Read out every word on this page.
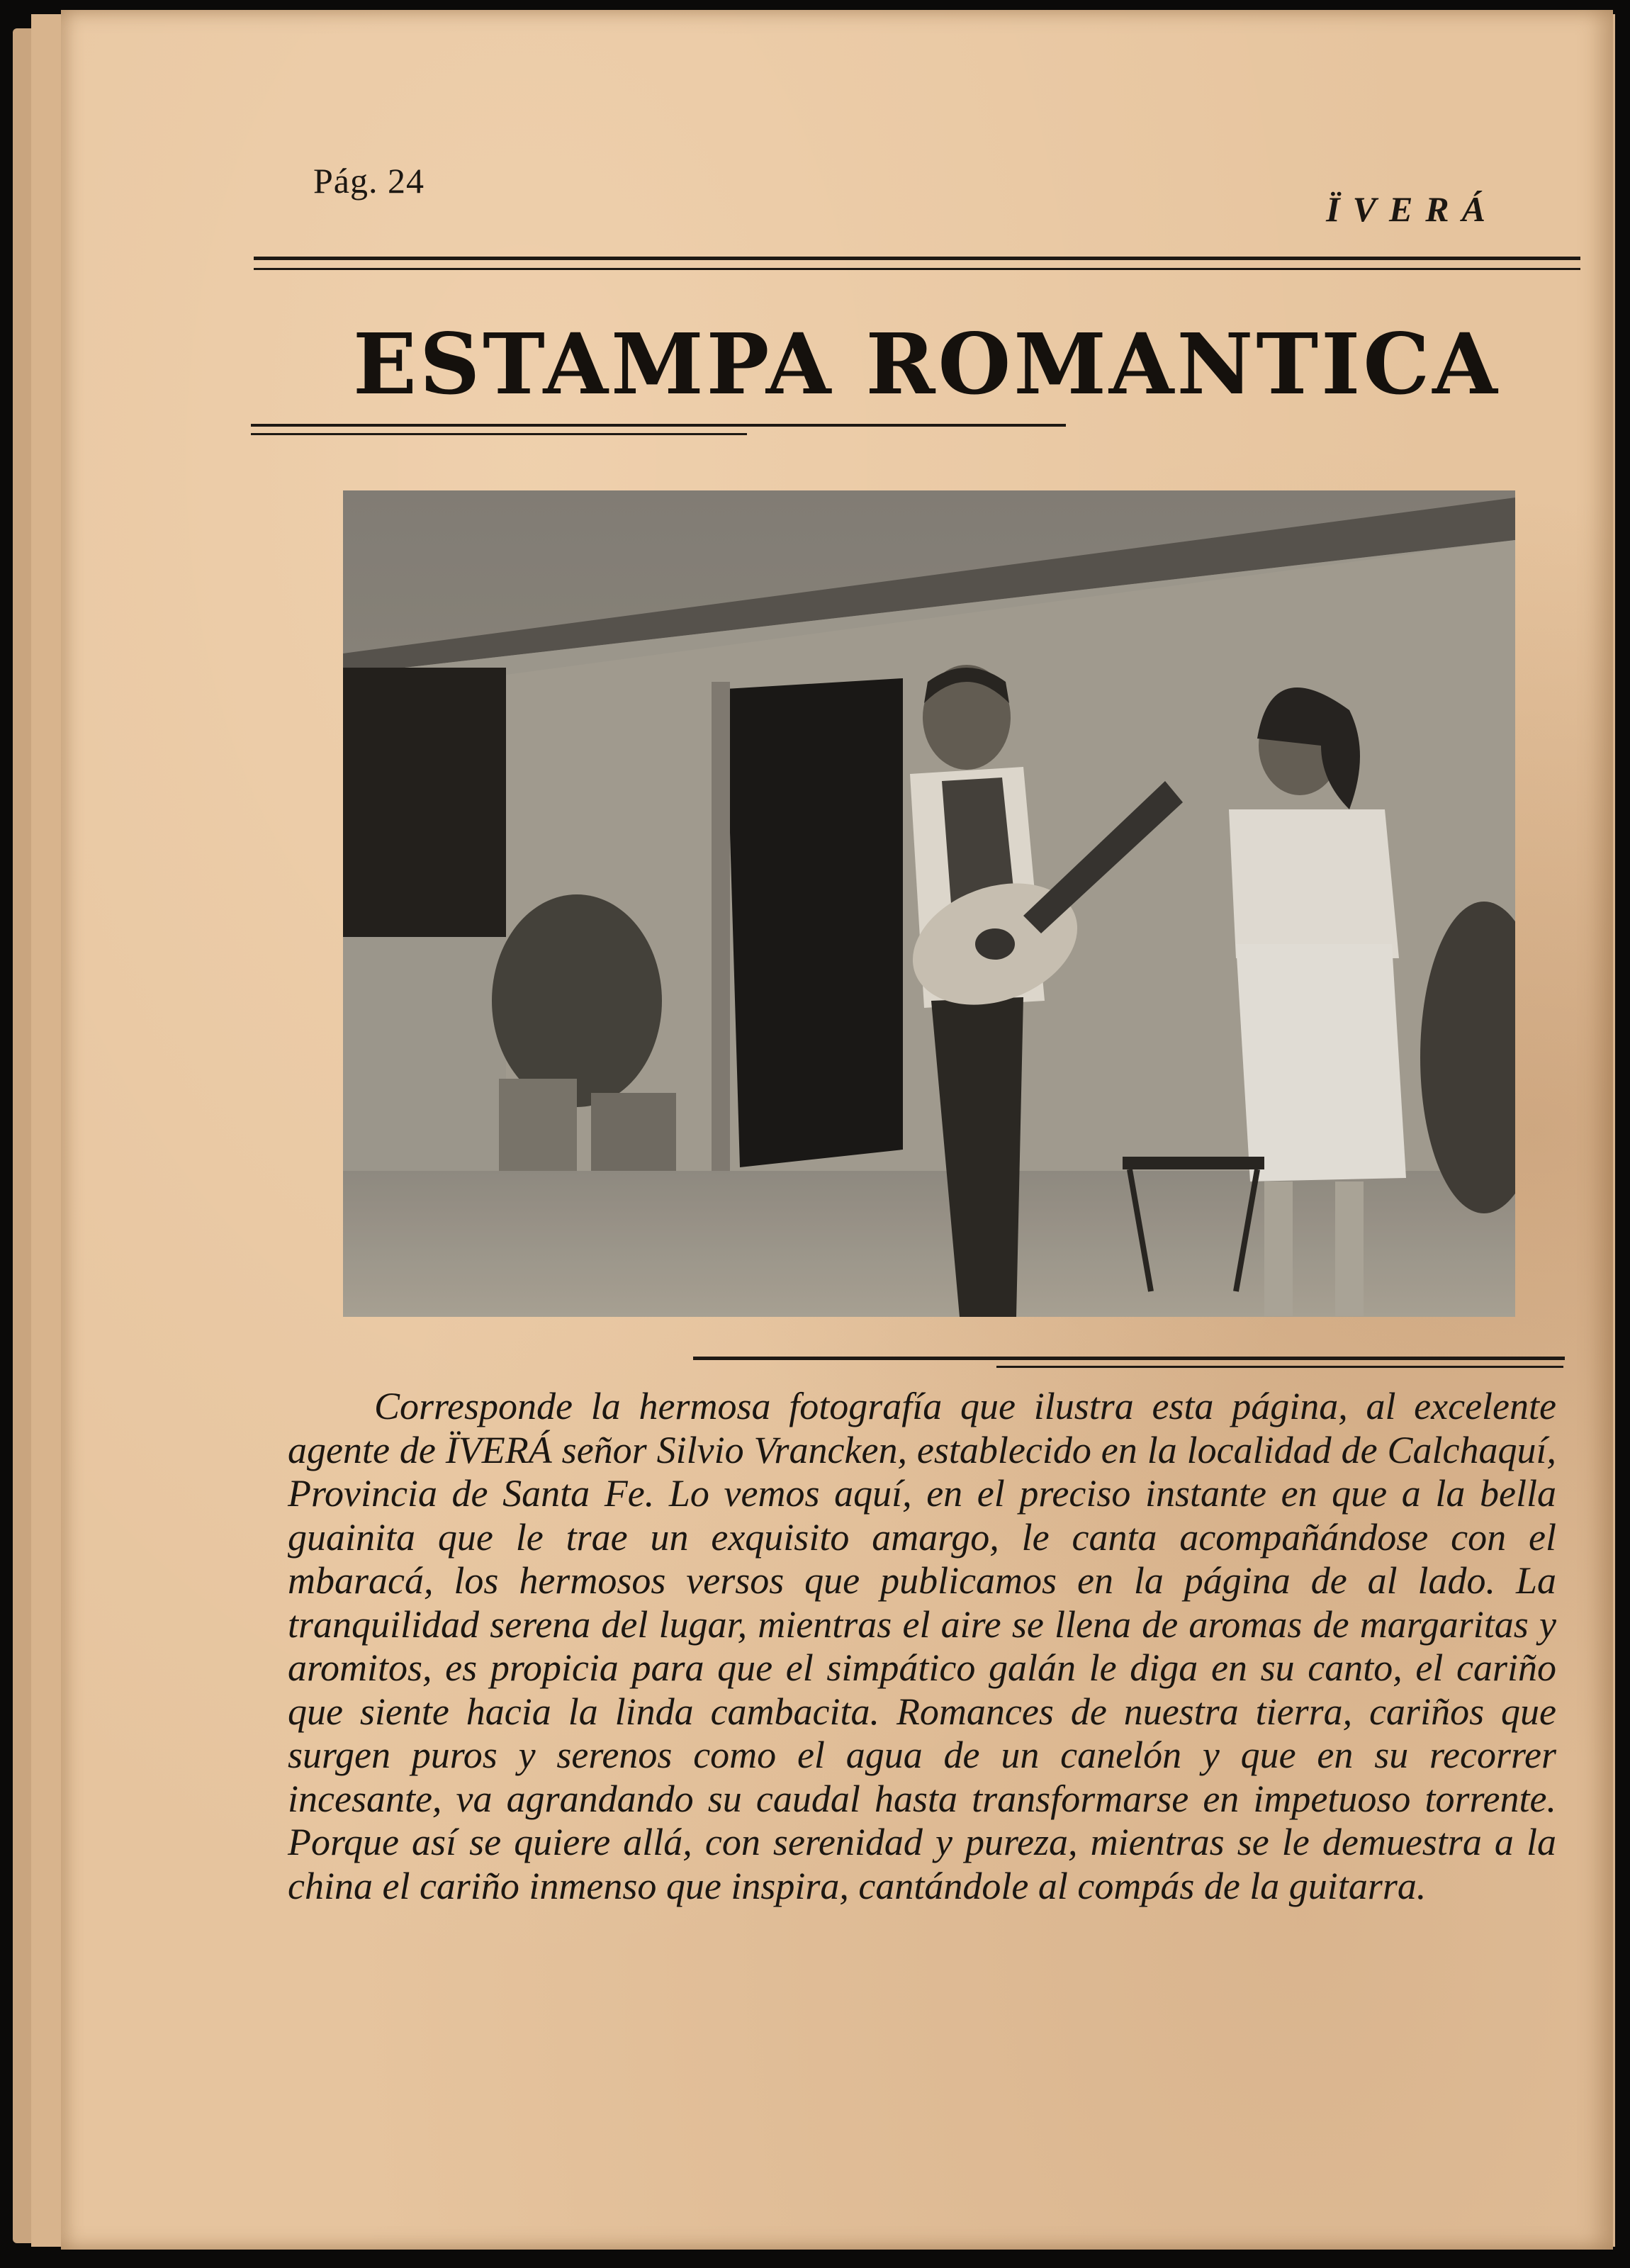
Pág. 24
ÏVERÁ
ESTAMPA ROMANTICA
Corresponde la hermosa fotografía que ilustra esta página, al excelente agente de ÏVERÁ señor Silvio Vrancken, establecido en la localidad de Calchaquí, Provincia de Santa Fe. Lo vemos aquí, en el preciso instante en que a la bella guainita que le trae un exquisito amargo, le canta acompañándose con el mbaracá, los hermosos versos que publicamos en la página de al lado. La tranquilidad serena del lugar, mientras el aire se llena de aromas de margaritas y aromitos, es propicia para que el simpático galán le diga en su canto, el cariño que siente hacia la linda cambacita. Romances de nuestra tierra, cariños que surgen puros y serenos como el agua de un canelón y que en su recorrer incesante, va agrandando su caudal hasta transformarse en impetuoso torrente. Porque así se quiere allá, con serenidad y pureza, mientras se le demuestra a la china el cariño inmenso que inspira, cantándole al compás de la guitarra.
